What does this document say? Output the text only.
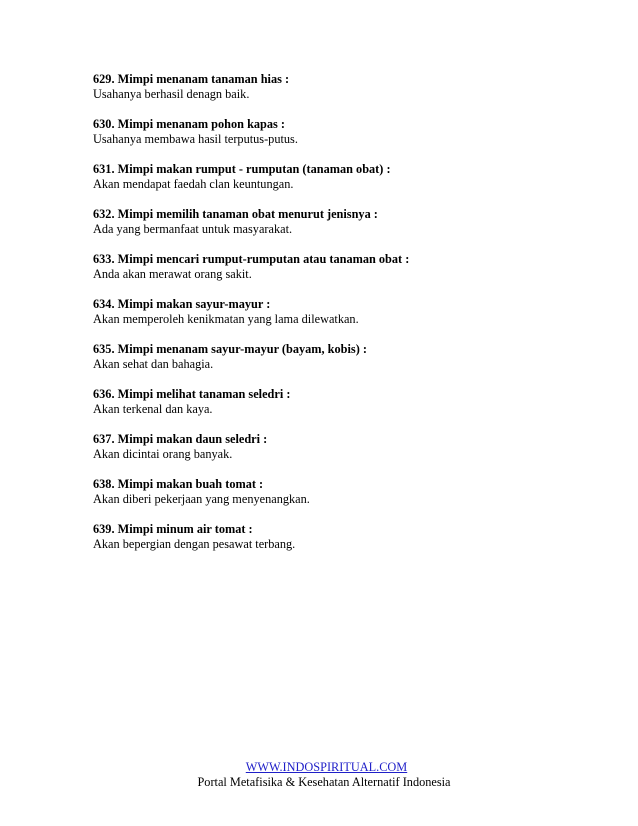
629. Mimpi menanam tanaman hias :
Usahanya berhasil denagn baik.
630. Mimpi menanam pohon kapas :
Usahanya membawa hasil terputus-putus.
631. Mimpi makan rumput - rumputan (tanaman obat) :
Akan mendapat faedah clan keuntungan.
632. Mimpi memilih tanaman obat menurut jenisnya :
Ada yang bermanfaat untuk masyarakat.
633. Mimpi mencari rumput-rumputan atau tanaman obat :
Anda akan merawat orang sakit.
634. Mimpi makan sayur-mayur :
Akan memperoleh kenikmatan yang lama dilewatkan.
635. Mimpi menanam sayur-mayur (bayam, kobis) :
Akan sehat dan bahagia.
636. Mimpi melihat tanaman seledri :
Akan terkenal dan kaya.
637. Mimpi makan daun seledri :
Akan dicintai orang banyak.
638. Mimpi makan buah tomat :
Akan diberi pekerjaan yang menyenangkan.
639. Mimpi minum air tomat :
Akan bepergian dengan pesawat terbang.
WWW.INDOSPIRITUAL.COM
Portal Metafisika & Kesehatan Alternatif Indonesia
